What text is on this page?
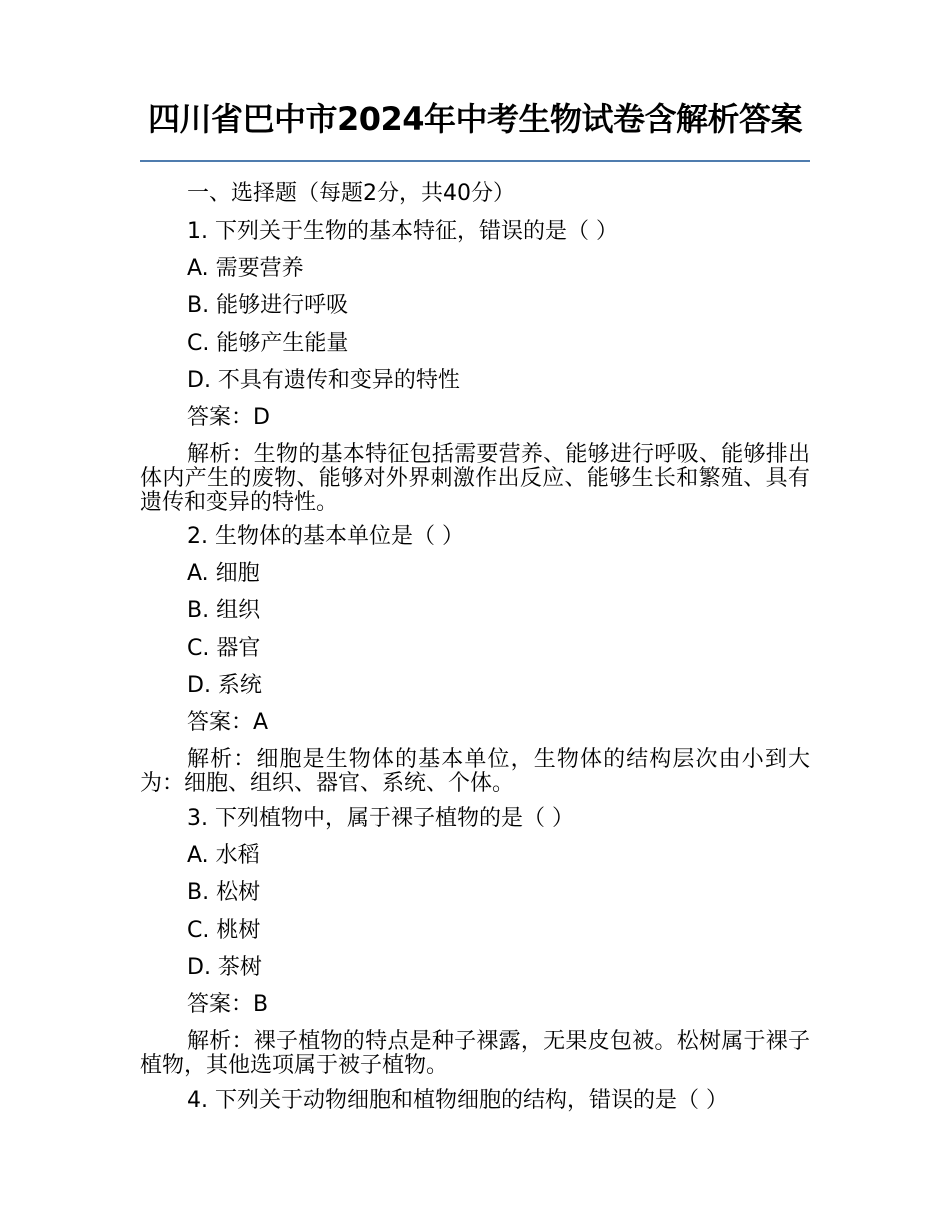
四川省巴中市2024年中考生物试卷含解析答案
一、选择题（每题2分，共40分）
1. 下列关于生物的基本特征，错误的是（ ）
A. 需要营养
B. 能够进行呼吸
C. 能够产生能量
D. 不具有遗传和变异的特性
答案：D
解析：生物的基本特征包括需要营养、能够进行呼吸、能够排出体内产生的废物、能够对外界刺激作出反应、能够生长和繁殖、具有遗传和变异的特性。
2. 生物体的基本单位是（ ）
A. 细胞
B. 组织
C. 器官
D. 系统
答案：A
解析：细胞是生物体的基本单位，生物体的结构层次由小到大为：细胞、组织、器官、系统、个体。
3. 下列植物中，属于裸子植物的是（ ）
A. 水稻
B. 松树
C. 桃树
D. 茶树
答案：B
解析：裸子植物的特点是种子裸露，无果皮包被。松树属于裸子植物，其他选项属于被子植物。
4. 下列关于动物细胞和植物细胞的结构，错误的是（ ）
